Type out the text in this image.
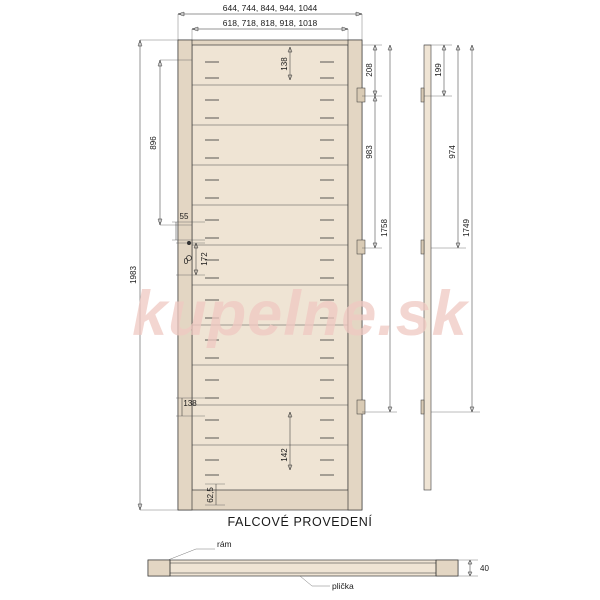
644, 744, 844, 944, 1044
618, 718, 818, 918, 1018
1983
896
55
172
0
138
138
142
62,5
208
983
1758
199
974
1749
40
rám
plička
FALCOVÉ PROVEDENÍ
kupelne.sk
